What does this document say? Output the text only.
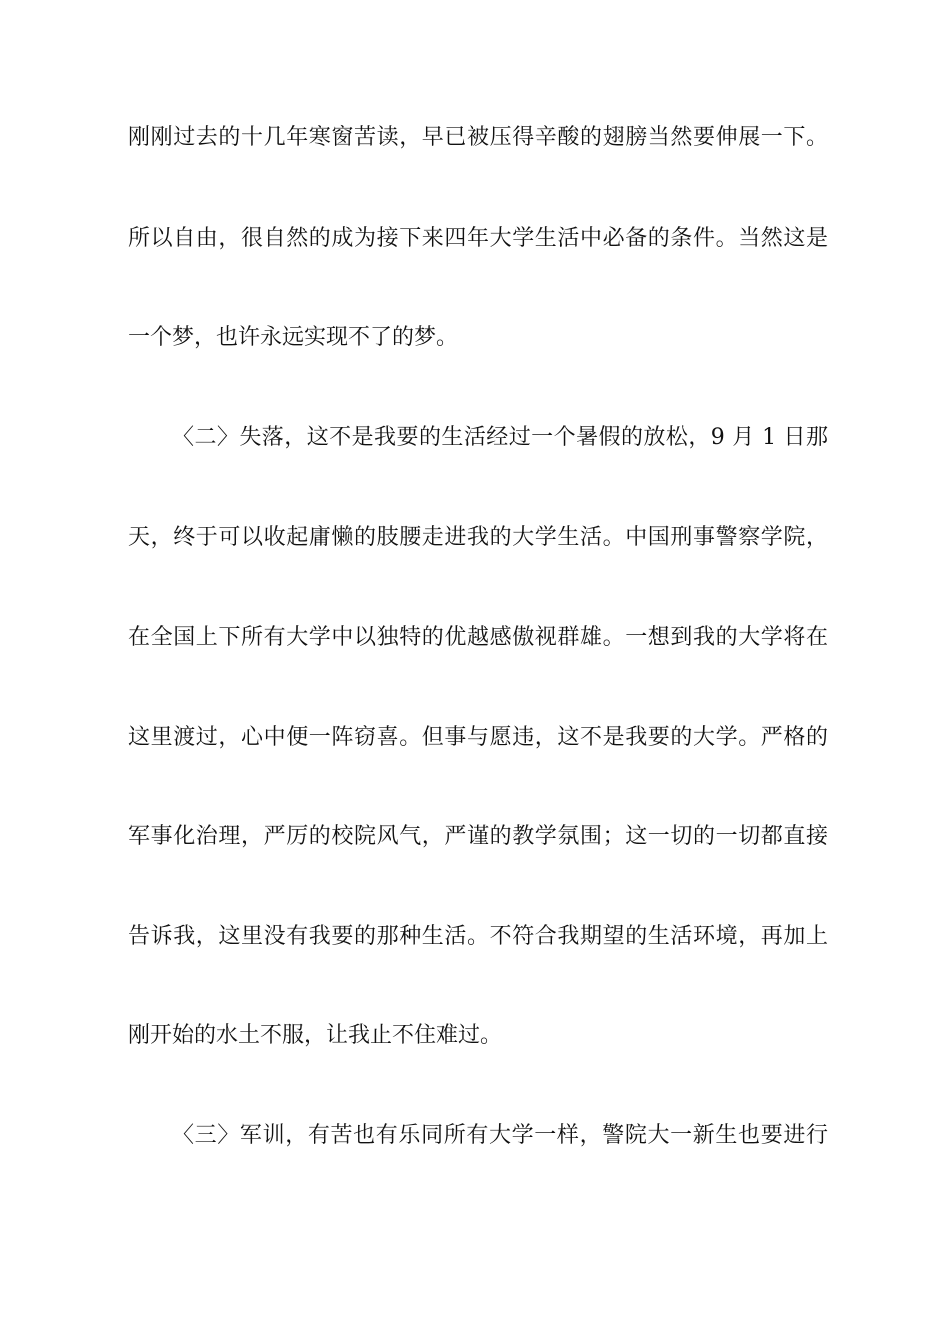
刚刚过去的十几年寒窗苦读，早已被压得辛酸的翅膀当然要伸展一下。
所以自由，很自然的成为接下来四年大学生活中必备的条件。当然这是
一个梦，也许永远实现不了的梦。
〈二〉失落，这不是我要的生活经过一个暑假的放松，9 月 1 日那
天，终于可以收起庸懒的肢腰走进我的大学生活。中国刑事警察学院，
在全国上下所有大学中以独特的优越感傲视群雄。一想到我的大学将在
这里渡过，心中便一阵窃喜。但事与愿违，这不是我要的大学。严格的
军事化治理，严厉的校院风气，严谨的教学氛围；这一切的一切都直接
告诉我，这里没有我要的那种生活。不符合我期望的生活环境，再加上
刚开始的水土不服，让我止不住难过。
〈三〉军训，有苦也有乐同所有大学一样，警院大一新生也要进行
